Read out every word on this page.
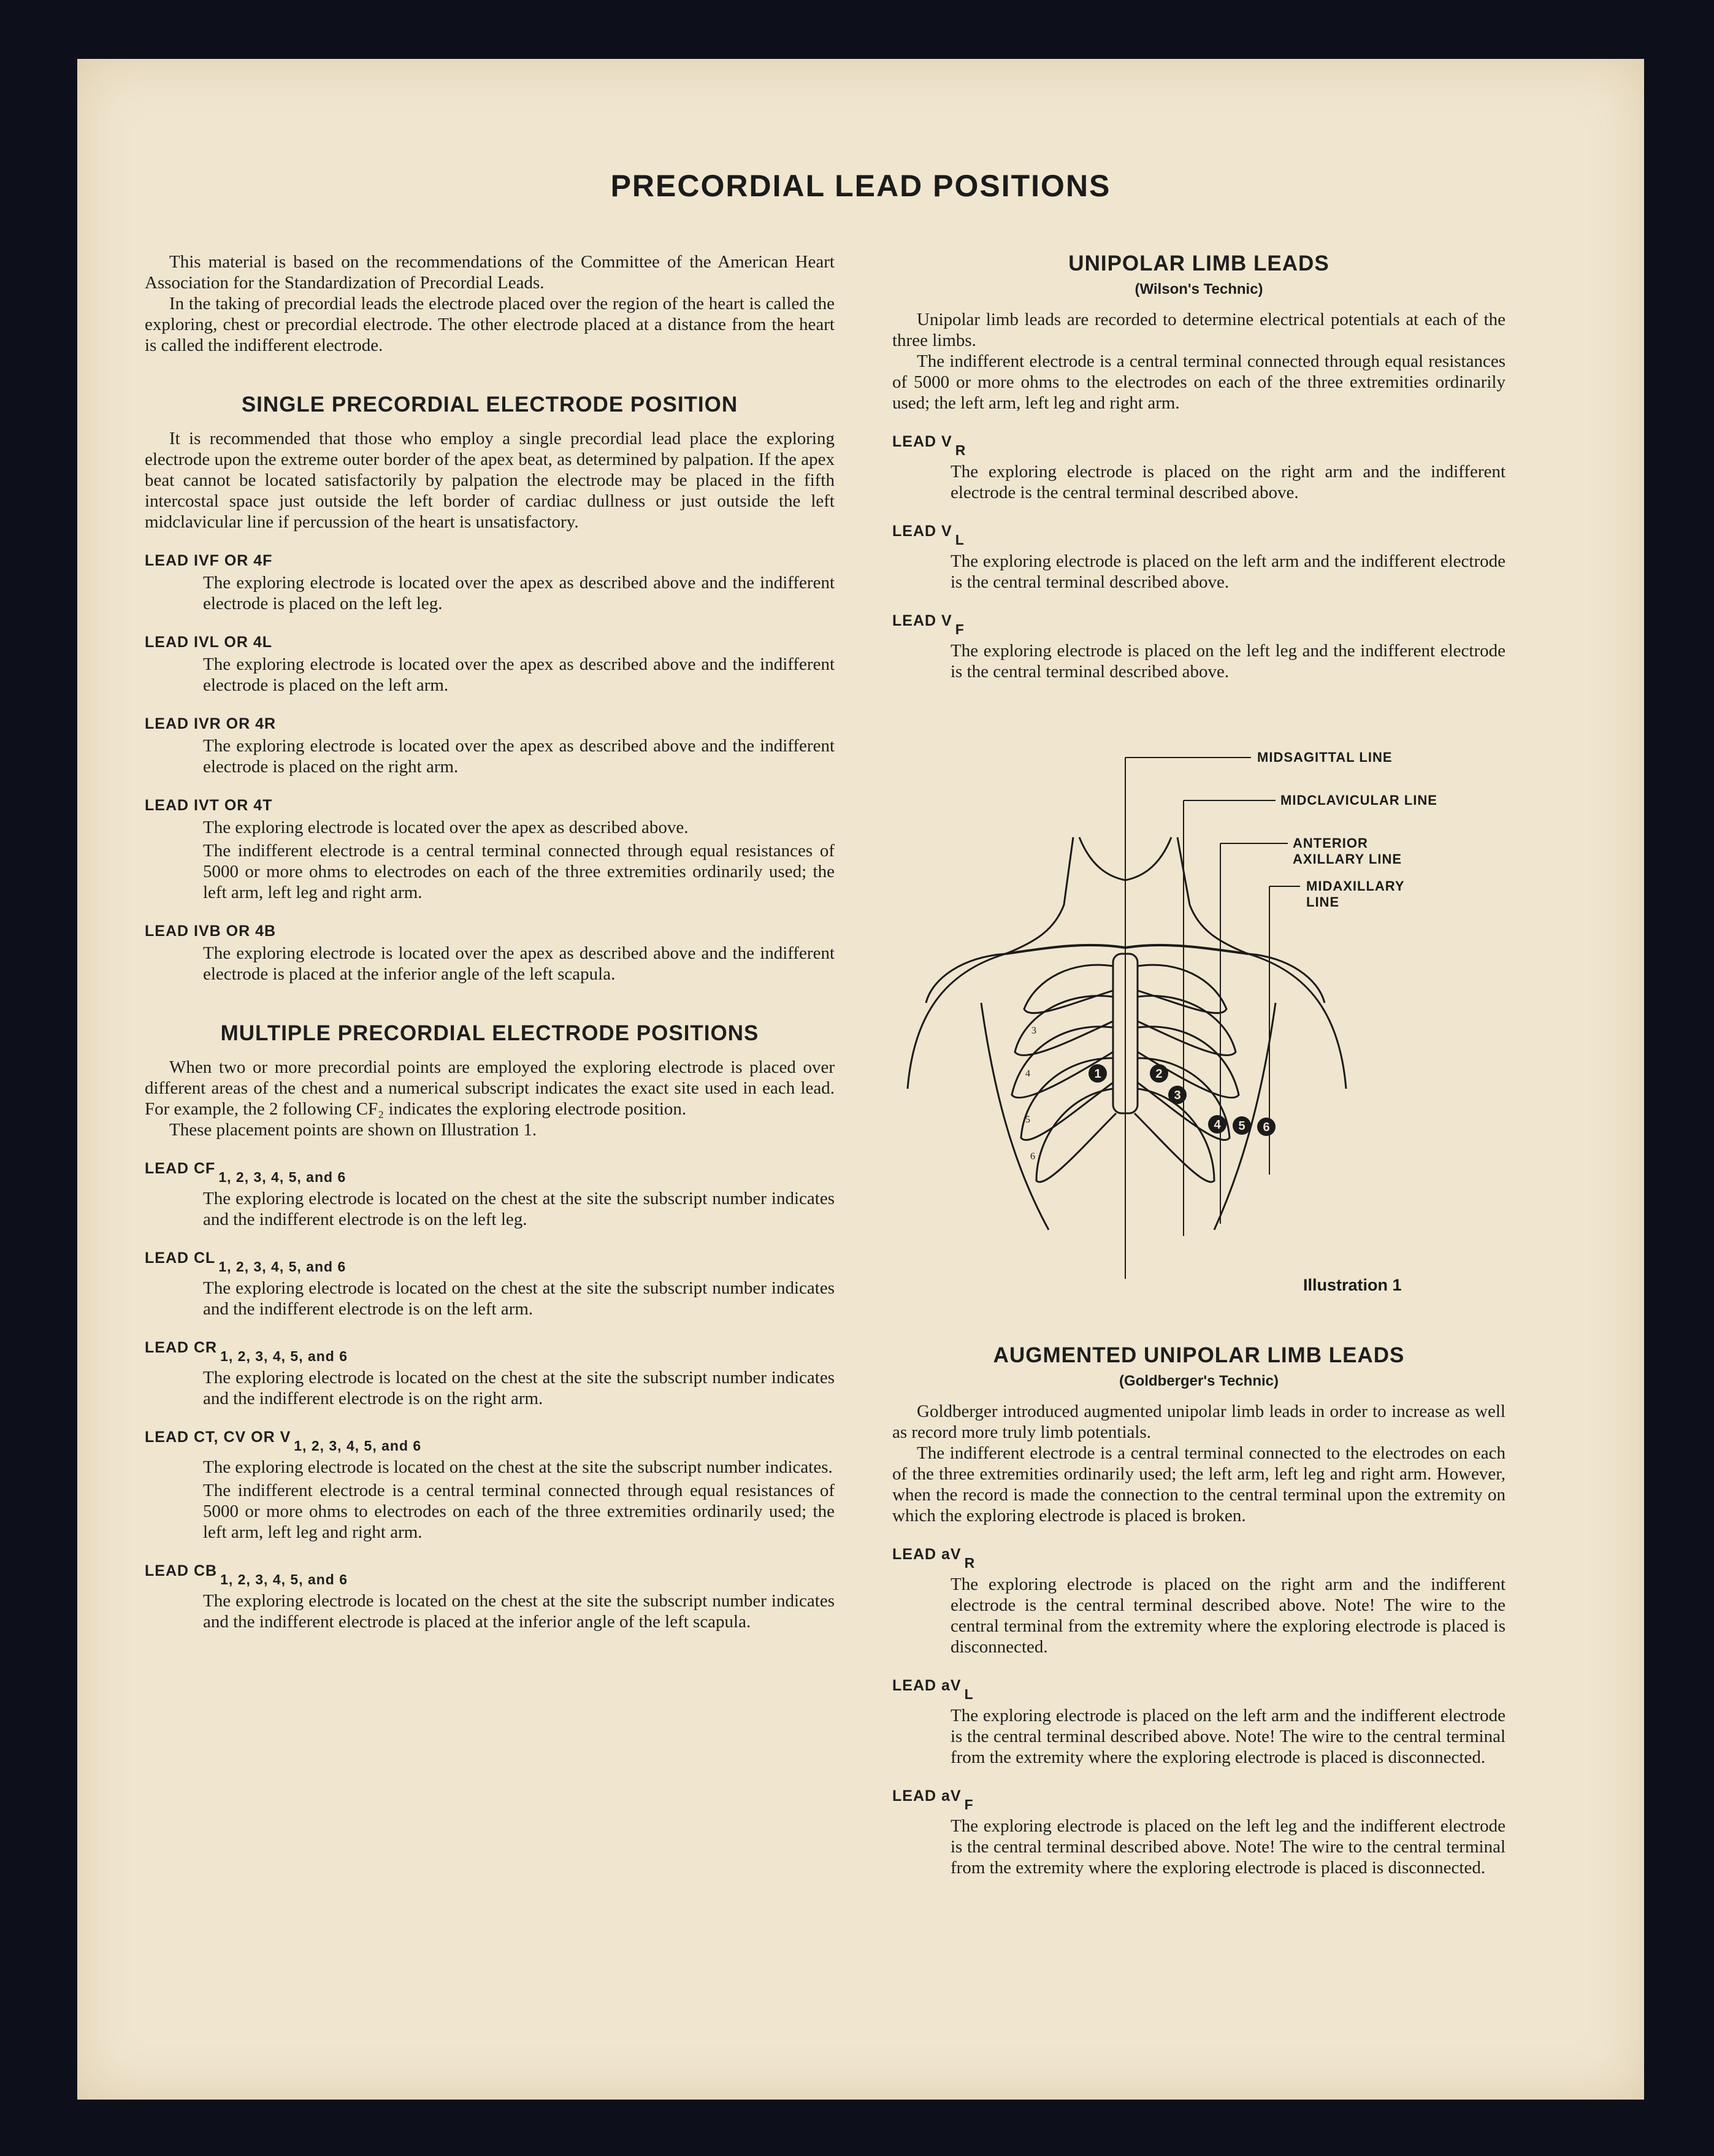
PRECORDIAL LEAD POSITIONS

This material is based on the recommendations of the Committee of the American Heart Association for the Standardization of Precordial Leads.

In the taking of precordial leads the electrode placed over the region of the heart is called the exploring, chest or precordial electrode. The other electrode placed at a distance from the heart is called the indifferent electrode.

SINGLE PRECORDIAL ELECTRODE POSITION

It is recommended that those who employ a single precordial lead place the exploring electrode upon the extreme outer border of the apex beat, as determined by palpation. If the apex beat cannot be located satisfactorily by palpation the electrode may be placed in the fifth intercostal space just outside the left border of cardiac dullness or just outside the left midclavicular line if percussion of the heart is unsatisfactory.

LEAD IVF OR 4F

The exploring electrode is located over the apex as described above and the indifferent electrode is placed on the left leg.

LEAD IVL OR 4L

The exploring electrode is located over the apex as described above and the indifferent electrode is placed on the left arm.

LEAD IVR OR 4R

The exploring electrode is located over the apex as described above and the indifferent electrode is placed on the right arm.

LEAD IVT OR 4T

The exploring electrode is located over the apex as described above.

The indifferent electrode is a central terminal connected through equal resistances of 5000 or more ohms to electrodes on each of the three extremities ordinarily used; the left arm, left leg and right arm.

LEAD IVB OR 4B

The exploring electrode is located over the apex as described above and the indifferent electrode is placed at the inferior angle of the left scapula.

MULTIPLE PRECORDIAL ELECTRODE POSITIONS

When two or more precordial points are employed the exploring electrode is placed over different areas of the chest and a numerical subscript indicates the exact site used in each lead. For example, the 2 following CF₂ indicates the exploring electrode position.

These placement points are shown on Illustration 1.

LEAD CF $_{1, 2, 3, 4, 5, and 6}$

The exploring electrode is located on the chest at the site the subscript number indicates and the indifferent electrode is on the left leg.

LEAD CL $_{1, 2, 3, 4, 5, and 6}$

The exploring electrode is located on the chest at the site the subscript number indicates and the indifferent electrode is on the left arm.

LEAD CR $_{1, 2, 3, 4, 5, and 6}$

The exploring electrode is located on the chest at the site the subscript number indicates and the indifferent electrode is on the right arm.

LEAD CT, CV OR V $_{1, 2, 3, 4, 5, and 6}$

The exploring electrode is located on the chest at the site the subscript number indicates.

The indifferent electrode is a central terminal connected through equal resistances of 5000 or more ohms to electrodes on each of the three extremities ordinarily used; the left arm, left leg and right arm.

LEAD CB $_{1, 2, 3, 4, 5, and 6}$

The exploring electrode is located on the chest at the site the subscript number indicates and the indifferent electrode is placed at the inferior angle of the left scapula.

UNIPOLAR LIMB LEADS
(Wilson's Technic)

Unipolar limb leads are recorded to determine electrical potentials at each of the three limbs.

The indifferent electrode is a central terminal connected through equal resistances of 5000 or more ohms to the electrodes on each of the three extremities ordinarily used; the left arm, left leg and right arm.

LEAD V $_R$

The exploring electrode is placed on the right arm and the indifferent electrode is the central terminal described above.

LEAD V $_L$

The exploring electrode is placed on the left arm and the indifferent electrode is the central terminal described above.

LEAD V $_F$

The exploring electrode is placed on the left leg and the indifferent electrode is the central terminal described above.

1	2
3
4 5 6
3
4
5
6
MIDSAGITTAL LINE
MIDCLAVICULAR LINE
ANTERIOR AXILLARY LINE
MIDAXILLARY LINE
Illustration 1
AUGMENTED UNIPOLAR LIMB LEADS
(Goldberger's Technic)

Goldberger introduced augmented unipolar limb leads in order to increase as well as record more truly limb potentials.

The indifferent electrode is a central terminal connected to the electrodes on each of the three extremities ordinarily used; the left arm, left leg and right arm. However, when the record is made the connection to the central terminal upon the extremity on which the exploring electrode is placed is broken.

LEAD aV $_R$

The exploring electrode is placed on the right arm and the indifferent electrode is the central terminal described above. Note! The wire to the central terminal from the extremity where the exploring electrode is placed is disconnected.

LEAD aV $_L$

The exploring electrode is placed on the left arm and the indifferent electrode is the central terminal described above. Note! The wire to the central terminal from the extremity where the exploring electrode is placed is disconnected.

LEAD aV $_F$

The exploring electrode is placed on the left leg and the indifferent electrode is the central terminal described above. Note! The wire to the central terminal from the extremity where the exploring electrode is placed is disconnected.
